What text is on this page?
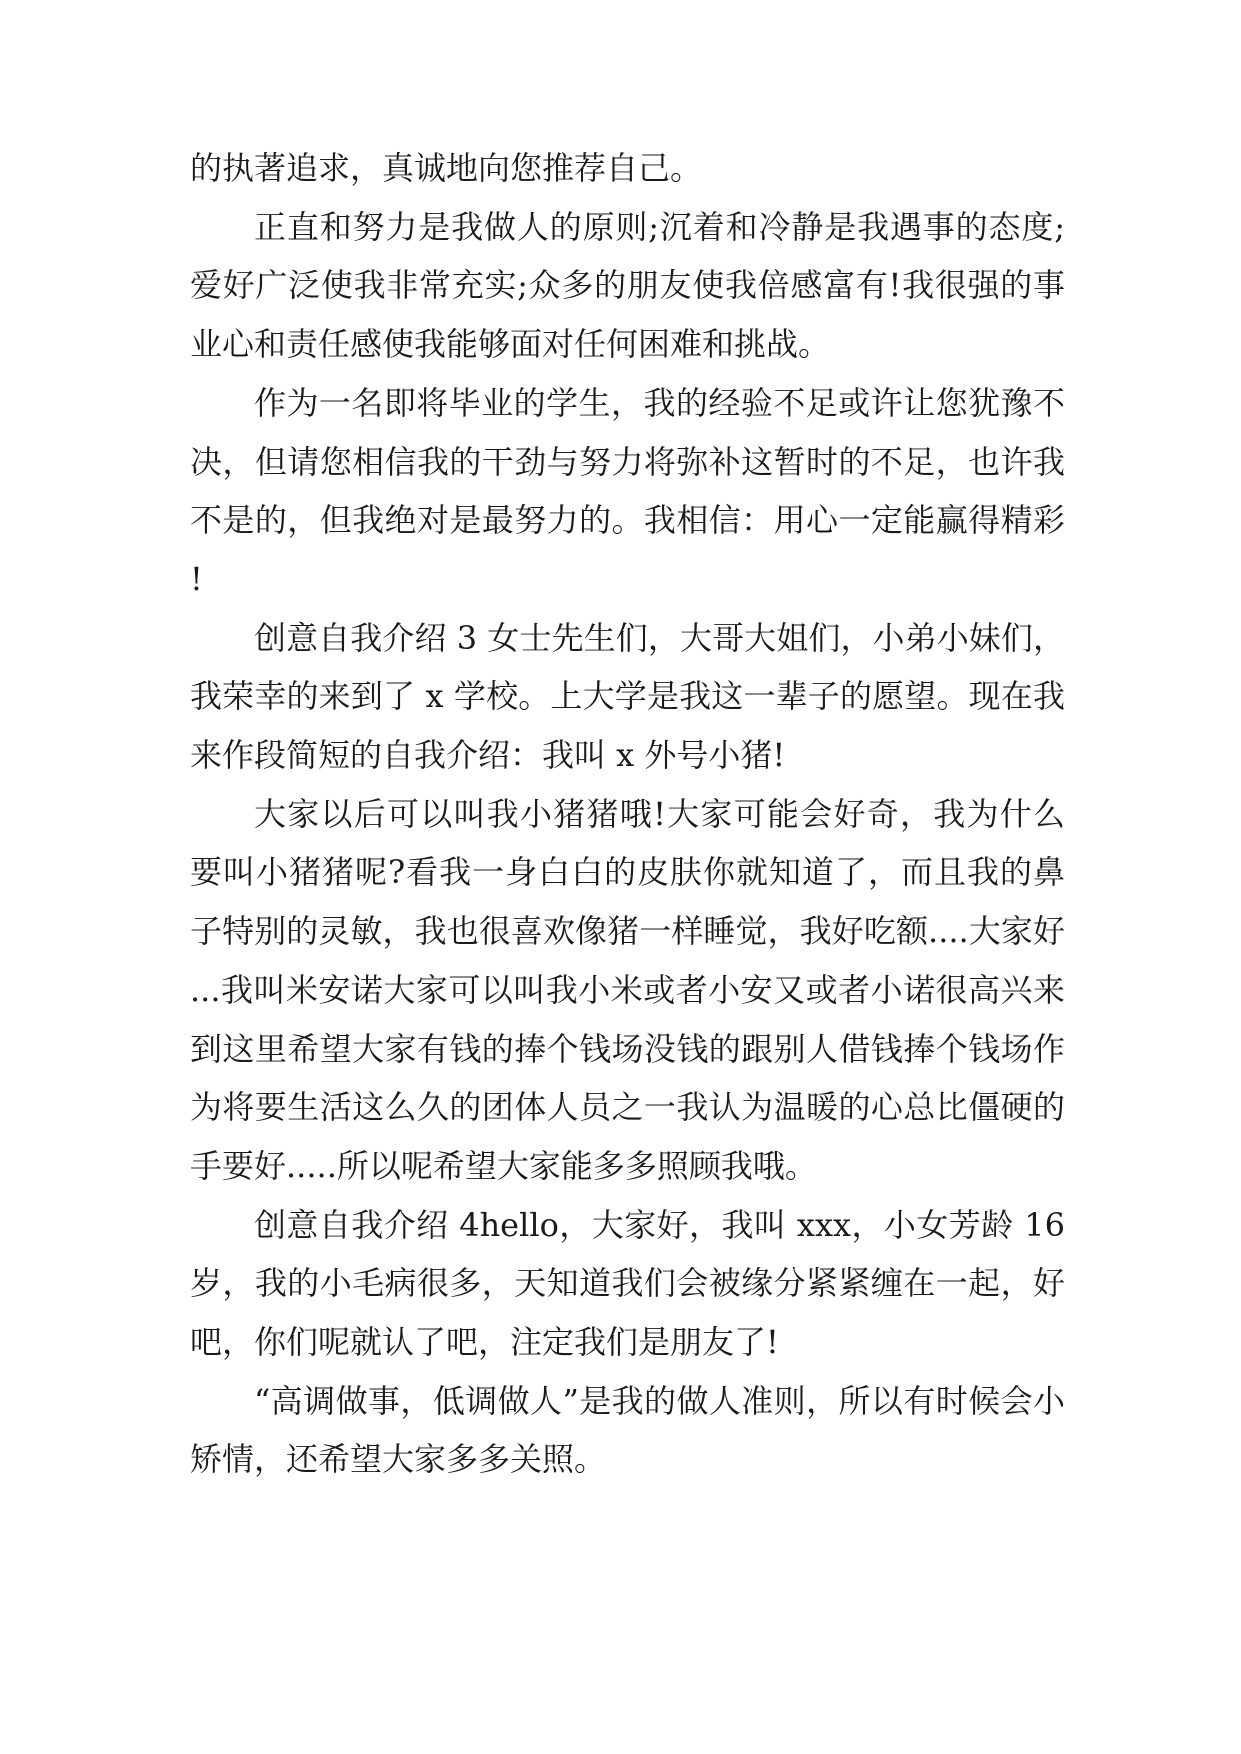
的执著追求，真诚地向您推荐自己。

正直和努力是我做人的原则;沉着和冷静是我遇事的态度;爱好广泛使我非常充实;众多的朋友使我倍感富有!我很强的事业心和责任感使我能够面对任何困难和挑战。

作为一名即将毕业的学生，我的经验不足或许让您犹豫不决，但请您相信我的干劲与努力将弥补这暂时的不足，也许我不是的，但我绝对是最努力的。我相信：用心一定能赢得精彩!

创意自我介绍 3 女士先生们，大哥大姐们，小弟小妹们，我荣幸的来到了 x 学校。上大学是我这一辈子的愿望。现在我来作段简短的自我介绍：我叫 x 外号小猪!

大家以后可以叫我小猪猪哦!大家可能会好奇，我为什么要叫小猪猪呢?看我一身白白的皮肤你就知道了，而且我的鼻子特别的灵敏，我也很喜欢像猪一样睡觉，我好吃额....大家好...我叫米安诺大家可以叫我小米或者小安又或者小诺很高兴来到这里希望大家有钱的捧个钱场没钱的跟别人借钱捧个钱场作为将要生活这么久的团体人员之一我认为温暖的心总比僵硬的手要好.....所以呢希望大家能多多照顾我哦。

创意自我介绍 4hello，大家好，我叫 xxx，小女芳龄 16 岁，我的小毛病很多，天知道我们会被缘分紧紧缠在一起，好吧，你们呢就认了吧，注定我们是朋友了!

“高调做事，低调做人”是我的做人准则，所以有时候会小矫情，还希望大家多多关照。
